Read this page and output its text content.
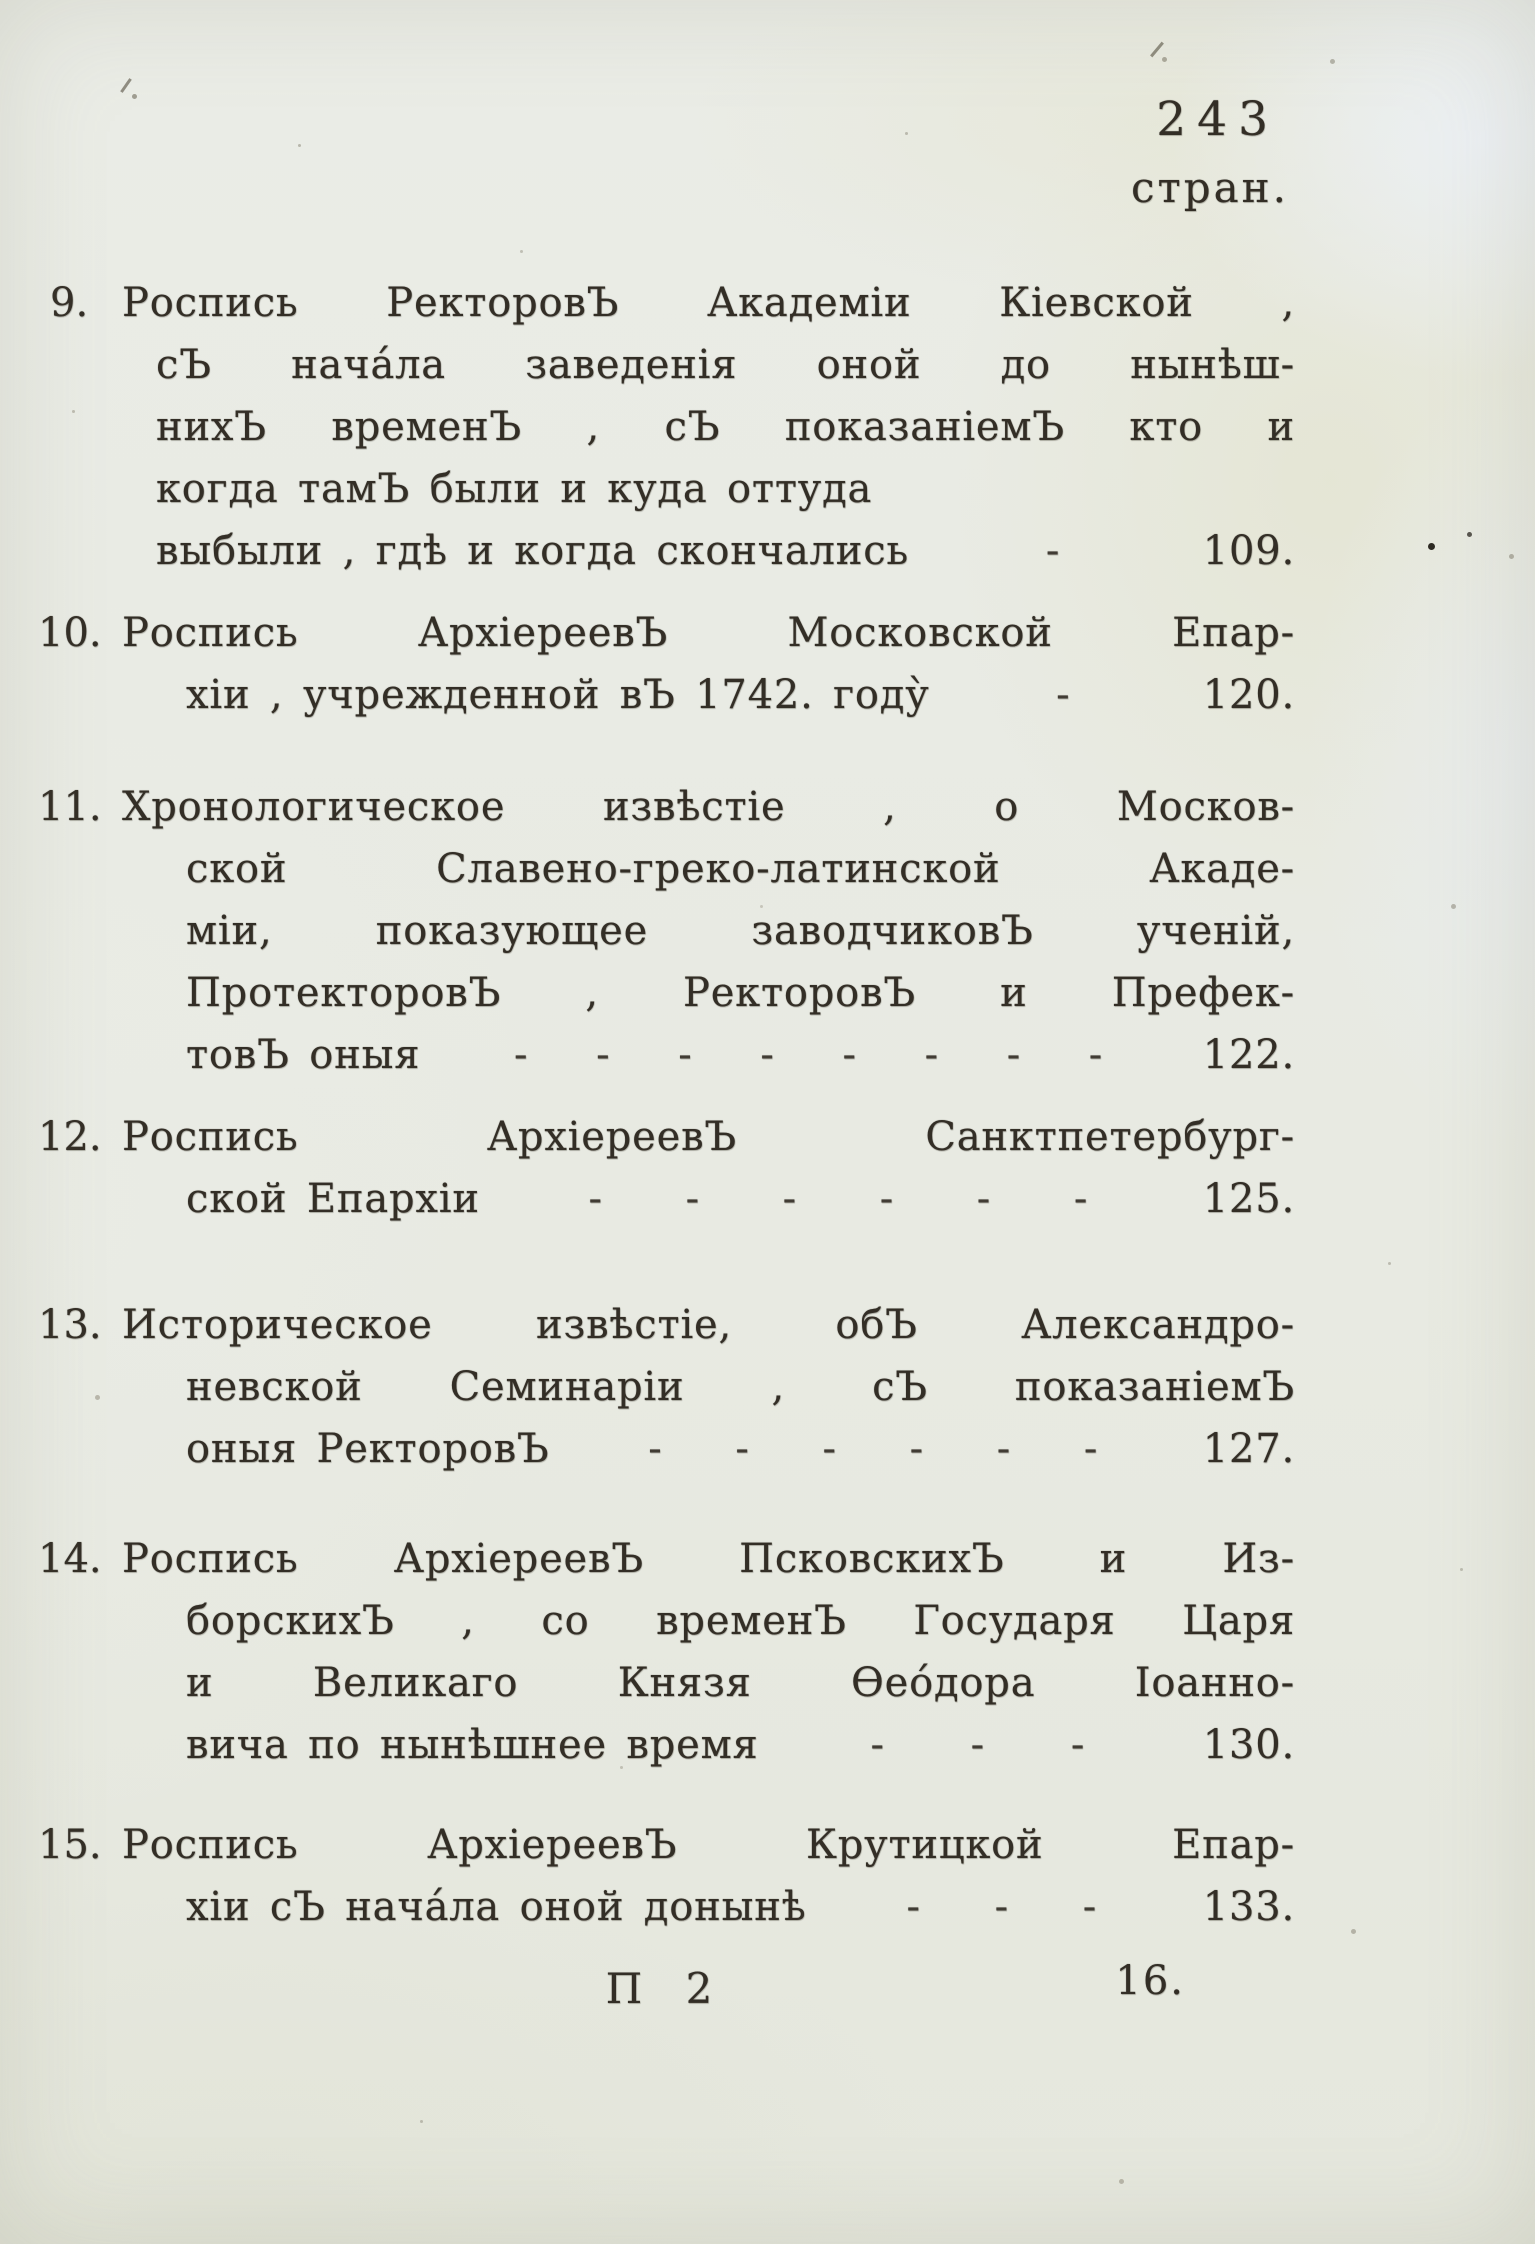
243
стран.
9. Роспись РекторовЪ Академіи Кіевской ,
сЪ нача́ла заведенія оной до нынѣш-
нихЪ временЪ , сЪ показаніемЪ кто и
когда тамЪ были и куда оттуда
выбыли , гдѣ и когда скончались	-	109.
10. Роспись АрхіереевЪ Московской Епар-
хіи , учрежденной вЪ 1742. году̀	-	120.
11. Хронологическое извѣстіе , о Москов-
ской Славено-греко-латинской Акаде-
міи, показующее заводчиковЪ ученій,
ПротекторовЪ , РекторовЪ и Префек-
товЪ оныя - - - - - - - -	122.
12. Роспись АрхіереевЪ Санктпетербург-
ской Епархіи	- - - - - -	125.
13. Историческое извѣстіе, обЪ Александро-
невской Семинаріи , сЪ показаніемЪ
оныя РекторовЪ - - - - - -	127.
14. Роспись АрхіереевЪ ПсковскихЪ и Из-
борскихЪ , со временЪ Государя Царя
и Великаго Князя Ѳео́дора Іоанно-
вича по нынѣшнее время	- - -	130.
15. Роспись АрхіереевЪ Крутицкой Епар-
хіи сЪ нача́ла оной донынѣ - - -	133.
П 2	16.
